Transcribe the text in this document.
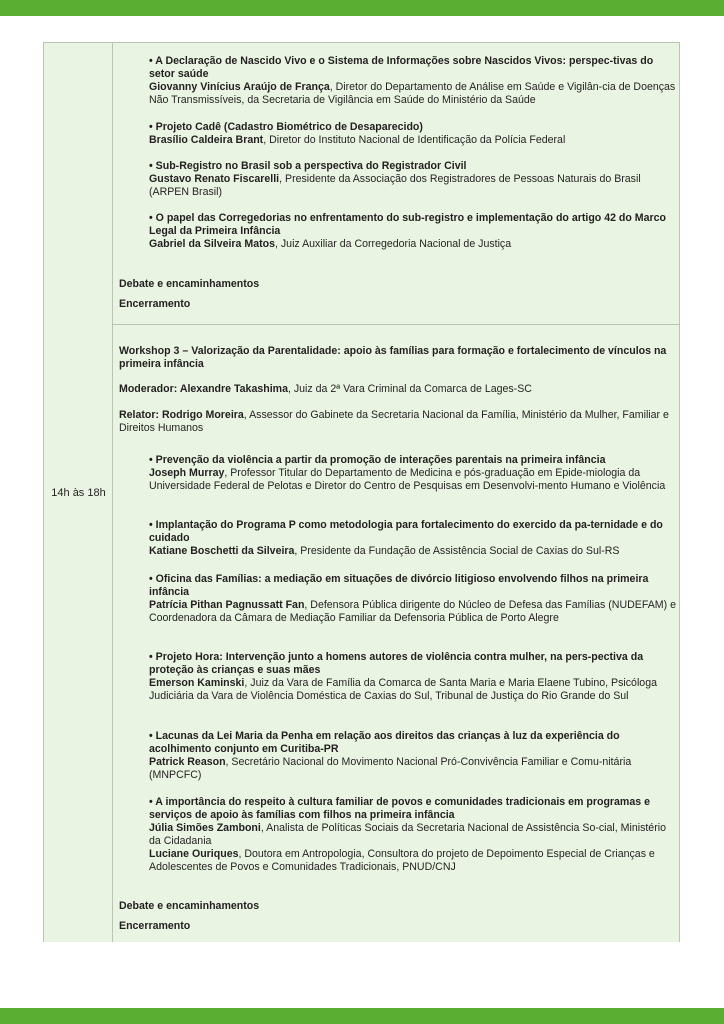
14h às 18h
• A Declaração de Nascido Vivo e o Sistema de Informações sobre Nascidos Vivos: perspec-tivas do setor saúde
Giovanny Vinícius Araújo de França, Diretor do Departamento de Análise em Saúde e Vigilân-cia de Doenças Não Transmissíveis, da Secretaria de Vigilância em Saúde do Ministério da Saúde
• Projeto Cadê (Cadastro Biométrico de Desaparecido)
Brasílio Caldeira Brant, Diretor do Instituto Nacional de Identificação da Polícia Federal
• Sub-Registro no Brasil sob a perspectiva do Registrador Civil
Gustavo Renato Fiscarelli, Presidente da Associação dos Registradores de Pessoas Naturais do Brasil (ARPEN Brasil)
• O papel das Corregedorias no enfrentamento do sub-registro e implementação do artigo 42 do Marco Legal da Primeira Infância
Gabriel da Silveira Matos, Juiz Auxiliar da Corregedoria Nacional de Justiça
Debate e encaminhamentos
Encerramento
Workshop 3 – Valorização da Parentalidade: apoio às famílias para formação e fortalecimento de vínculos na primeira infância
Moderador: Alexandre Takashima, Juiz da 2ª Vara Criminal da Comarca de Lages-SC
Relator: Rodrigo Moreira, Assessor do Gabinete da Secretaria Nacional da Família, Ministério da Mulher, Familiar e Direitos Humanos
• Prevenção da violência a partir da promoção de interações parentais na primeira infância
Joseph Murray, Professor Titular do Departamento de Medicina e pós-graduação em Epide-miologia da Universidade Federal de Pelotas e Diretor do Centro de Pesquisas em Desenvolvi-mento Humano e Violência
• Implantação do Programa P como metodologia para fortalecimento do exercido da pa-ternidade e do cuidado
Katiane Boschetti da Silveira, Presidente da Fundação de Assistência Social de Caxias do Sul-RS
• Oficina das Famílias: a mediação em situações de divórcio litigioso envolvendo filhos na primeira infância
Patrícia Pithan Pagnussatt Fan, Defensora Pública dirigente do Núcleo de Defesa das Famílias (NUDEFAM) e Coordenadora da Câmara de Mediação Familiar da Defensoria Pública de Porto Alegre
• Projeto Hora: Intervenção junto a homens autores de violência contra mulher, na pers-pectiva da proteção às crianças e suas mães
Emerson Kaminski, Juiz da Vara de Família da Comarca de Santa Maria e Maria Elaene Tubino, Psicóloga Judiciária da Vara de Violência Doméstica de Caxias do Sul, Tribunal de Justiça do Rio Grande do Sul
• Lacunas da Lei Maria da Penha em relação aos direitos das crianças à luz da experiência do acolhimento conjunto em Curitiba-PR
Patrick Reason, Secretário Nacional do Movimento Nacional Pró-Convivência Familiar e Comu-nitária (MNPCFC)
• A importância do respeito à cultura familiar de povos e comunidades tradicionais em programas e serviços de apoio às famílias com filhos na primeira infância
Júlia Simões Zamboni, Analista de Políticas Sociais da Secretaria Nacional de Assistência So-cial, Ministério da Cidadania
Luciane Ouriques, Doutora em Antropologia, Consultora do projeto de Depoimento Especial de Crianças e Adolescentes de Povos e Comunidades Tradicionais, PNUD/CNJ
Debate e encaminhamentos
Encerramento
